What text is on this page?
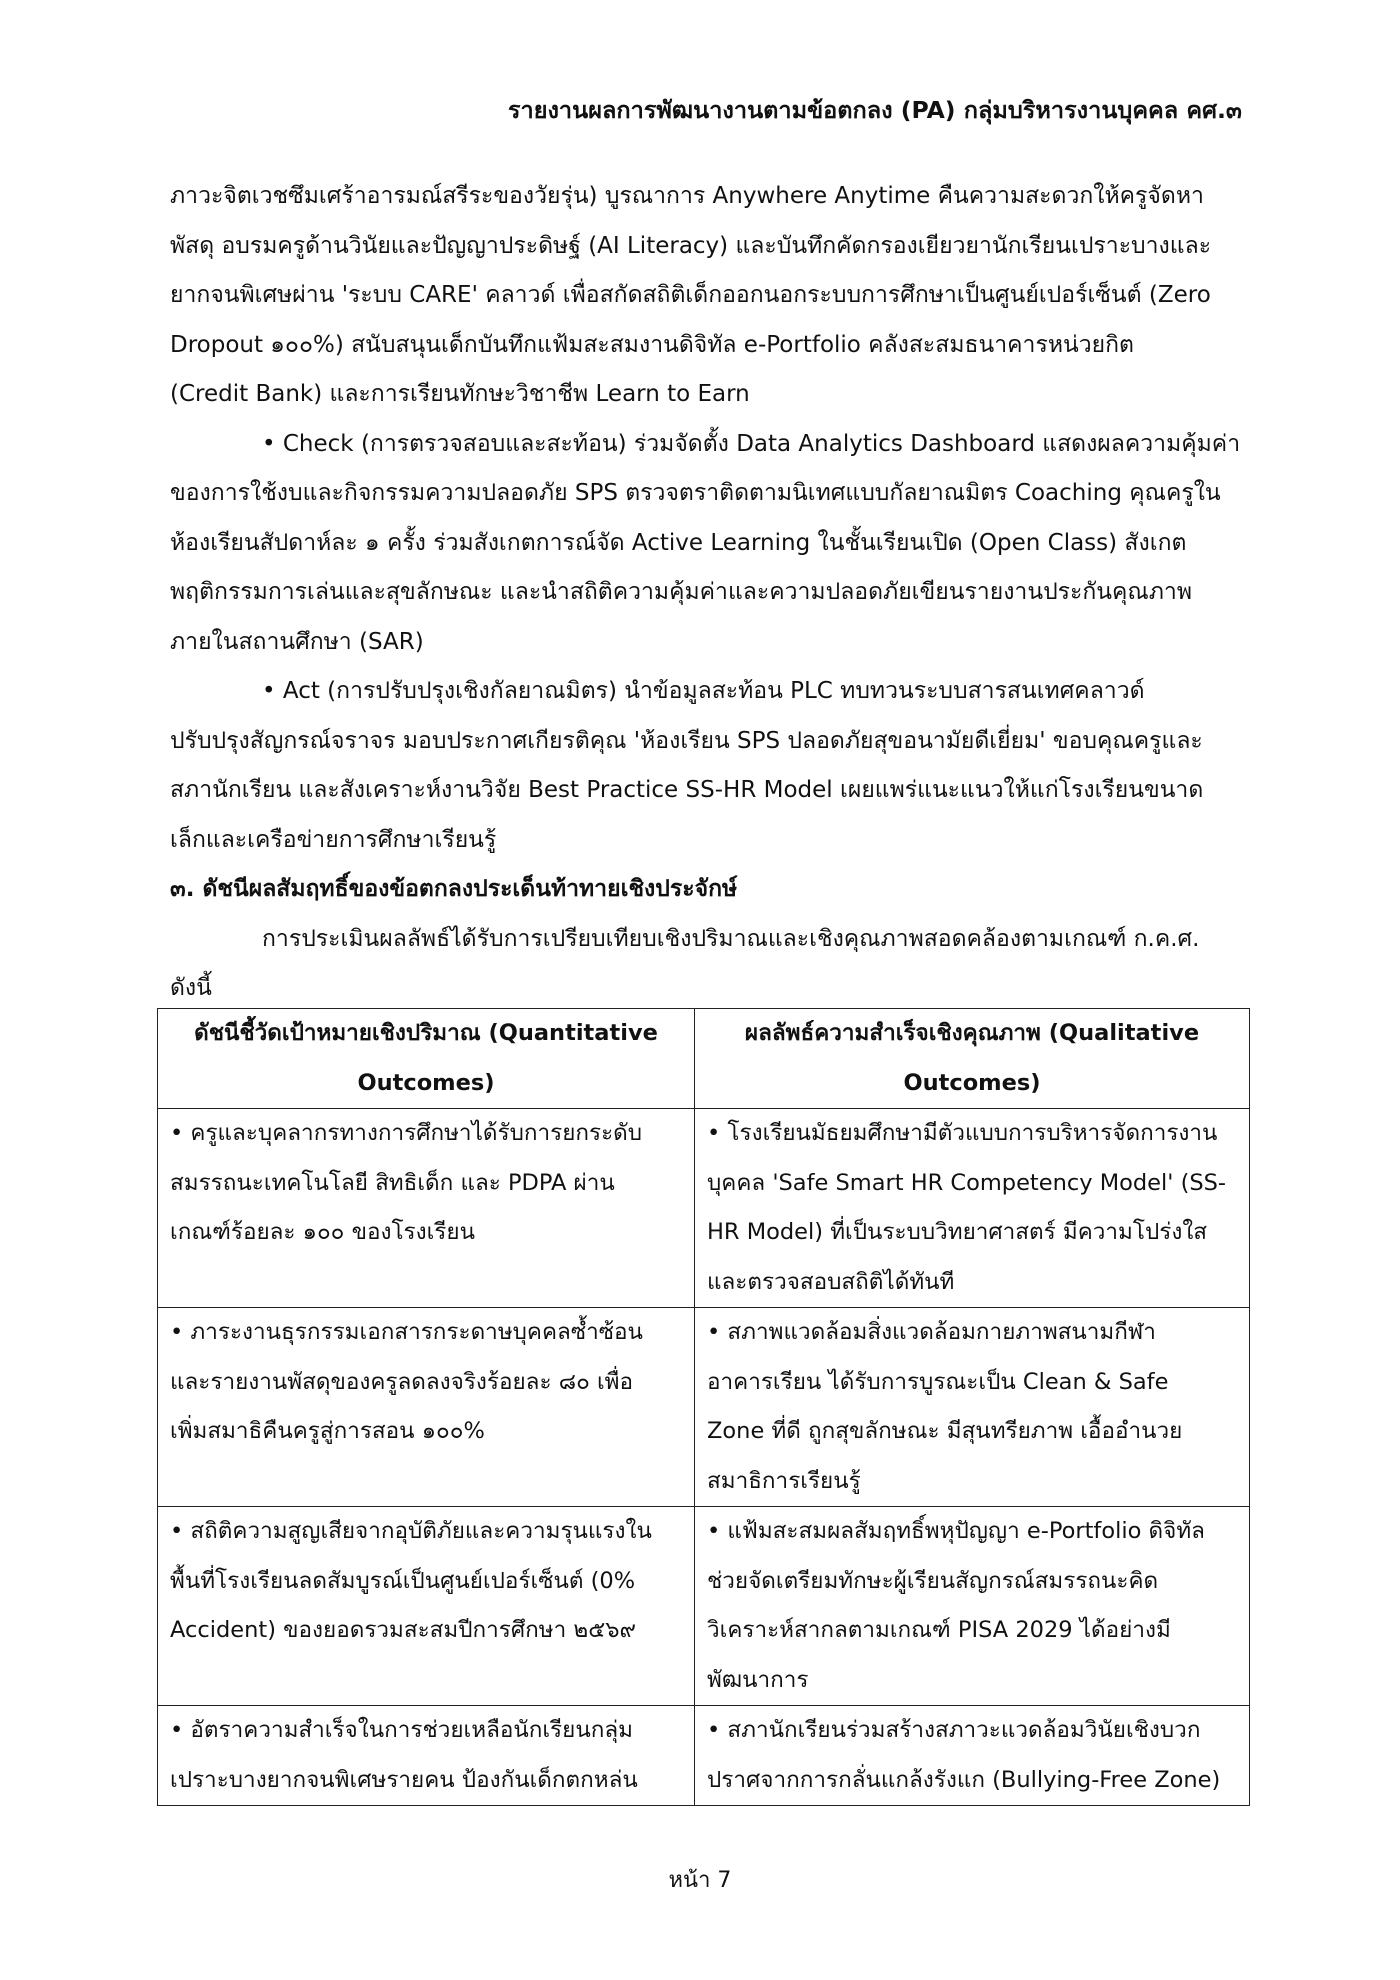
รายงานผลการพัฒนางานตามข้อตกลง (PA) กลุ่มบริหารงานบุคคล คศ.๓

ภาวะจิตเวชซึมเศร้าอารมณ์สรีระของวัยรุ่น) บูรณาการ Anywhere Anytime คืนความสะดวกให้ครูจัดหา
พัสดุ อบรมครูด้านวินัยและปัญญาประดิษฐ์ (AI Literacy) และบันทึกคัดกรองเยียวยานักเรียนเปราะบางและ
ยากจนพิเศษผ่าน 'ระบบ CARE' คลาวด์ เพื่อสกัดสถิติเด็กออกนอกระบบการศึกษาเป็นศูนย์เปอร์เซ็นต์ (Zero
Dropout ๑๐๐%) สนับสนุนเด็กบันทึกแฟ้มสะสมงานดิจิทัล e-Portfolio คลังสะสมธนาคารหน่วยกิต
(Credit Bank) และการเรียนทักษะวิชาชีพ Learn to Earn

• Check (การตรวจสอบและสะท้อน) ร่วมจัดตั้ง Data Analytics Dashboard แสดงผลความคุ้มค่า
ของการใช้งบและกิจกรรมความปลอดภัย SPS ตรวจตราติดตามนิเทศแบบกัลยาณมิตร Coaching คุณครูใน
ห้องเรียนสัปดาห์ละ ๑ ครั้ง ร่วมสังเกตการณ์จัด Active Learning ในชั้นเรียนเปิด (Open Class) สังเกต
พฤติกรรมการเล่นและสุขลักษณะ และนำสถิติความคุ้มค่าและความปลอดภัยเขียนรายงานประกันคุณภาพ
ภายในสถานศึกษา (SAR)

• Act (การปรับปรุงเชิงกัลยาณมิตร) นำข้อมูลสะท้อน PLC ทบทวนระบบสารสนเทศคลาวด์
ปรับปรุงสัญกรณ์จราจร มอบประกาศเกียรติคุณ 'ห้องเรียน SPS ปลอดภัยสุขอนามัยดีเยี่ยม' ขอบคุณครูและ
สภานักเรียน และสังเคราะห์งานวิจัย Best Practice SS-HR Model เผยแพร่แนะแนวให้แก่โรงเรียนขนาด
เล็กและเครือข่ายการศึกษาเรียนรู้

๓. ดัชนีผลสัมฤทธิ์ของข้อตกลงประเด็นท้าทายเชิงประจักษ์

การประเมินผลลัพธ์ได้รับการเปรียบเทียบเชิงปริมาณและเชิงคุณภาพสอดคล้องตามเกณฑ์ ก.ค.ศ.
ดังนี้

ดัชนีชี้วัดเป้าหมายเชิงปริมาณ (Quantitative
Outcomes)	ผลลัพธ์ความสำเร็จเชิงคุณภาพ (Qualitative
Outcomes)

• ครูและบุคลากรทางการศึกษาได้รับการยกระดับ
สมรรถนะเทคโนโลยี สิทธิเด็ก และ PDPA ผ่าน
เกณฑ์ร้อยละ ๑๐๐ ของโรงเรียน	• โรงเรียนมัธยมศึกษามีตัวแบบการบริหารจัดการงาน
บุคคล 'Safe Smart HR Competency Model' (SS-
HR Model) ที่เป็นระบบวิทยาศาสตร์ มีความโปร่งใส
และตรวจสอบสถิติได้ทันที

• ภาระงานธุรกรรมเอกสารกระดาษบุคคลซ้ำซ้อน
และรายงานพัสดุของครูลดลงจริงร้อยละ ๘๐ เพื่อ
เพิ่มสมาธิคืนครูสู่การสอน ๑๐๐%	• สภาพแวดล้อมสิ่งแวดล้อมกายภาพสนามกีฬา
อาคารเรียน ได้รับการบูรณะเป็น Clean & Safe
Zone ที่ดี ถูกสุขลักษณะ มีสุนทรียภาพ เอื้ออำนวย
สมาธิการเรียนรู้

• สถิติความสูญเสียจากอุบัติภัยและความรุนแรงใน
พื้นที่โรงเรียนลดสัมบูรณ์เป็นศูนย์เปอร์เซ็นต์ (0%
Accident) ของยอดรวมสะสมปีการศึกษา ๒๕๖๙	• แฟ้มสะสมผลสัมฤทธิ์พหุปัญญา e-Portfolio ดิจิทัล
ช่วยจัดเตรียมทักษะผู้เรียนสัญกรณ์สมรรถนะคิด
วิเคราะห์สากลตามเกณฑ์ PISA 2029 ได้อย่างมี
พัฒนาการ

• อัตราความสำเร็จในการช่วยเหลือนักเรียนกลุ่ม
เปราะบางยากจนพิเศษรายคน ป้องกันเด็กตกหล่น	• สภานักเรียนร่วมสร้างสภาวะแวดล้อมวินัยเชิงบวก
ปราศจากการกลั่นแกล้งรังแก (Bullying-Free Zone)
หน้า 7
